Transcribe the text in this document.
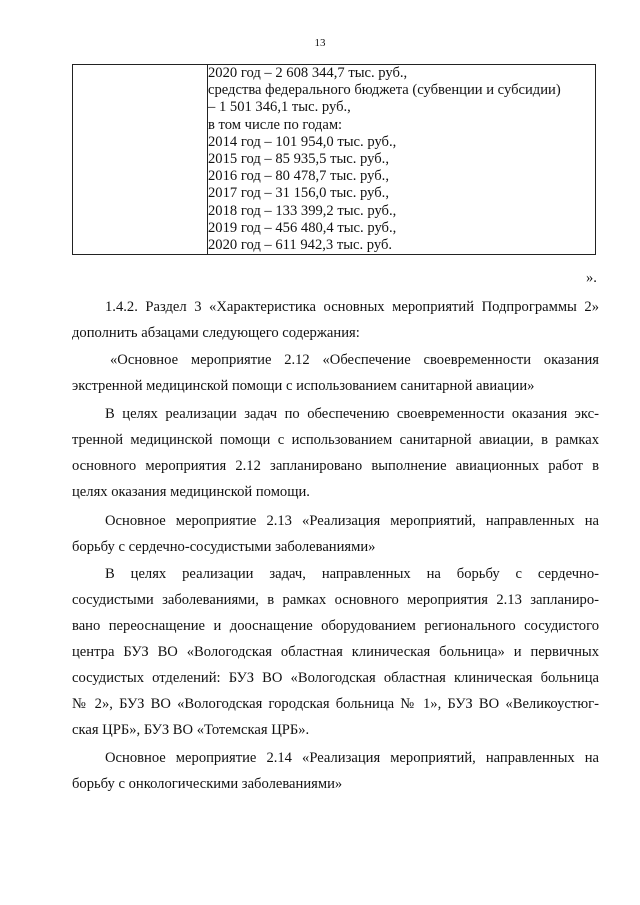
13

2020 год – 2 608 344,7 тыс. руб.,
средства федерального бюджета (субвенции и субсидии)
– 1 501 346,1 тыс. руб.,
в том числе по годам:
2014 год – 101 954,0 тыс. руб.,
2015 год – 85 935,5 тыс. руб.,
2016 год – 80 478,7 тыс. руб.,
2017 год – 31 156,0 тыс. руб.,
2018 год – 133 399,2 тыс. руб.,
2019 год – 456 480,4 тыс. руб.,
2020 год – 611 942,3 тыс. руб.
».
1.4.2. Раздел 3 «Характеристика основных мероприятий Подпрограммы 2»
дополнить абзацами следующего содержания:
«Основное мероприятие 2.12 «Обеспечение своевременности оказания
экстренной медицинской помощи с использованием санитарной авиации»
В целях реализации задач по обеспечению своевременности оказания экс-
тренной медицинской помощи с использованием санитарной авиации, в рамках
основного мероприятия 2.12 запланировано выполнение авиационных работ в
целях оказания медицинской помощи.
Основное мероприятие 2.13 «Реализация мероприятий, направленных на
борьбу с сердечно-сосудистыми заболеваниями»
В целях реализации задач, направленных на борьбу с сердечно-
сосудистыми заболеваниями, в рамках основного мероприятия 2.13 запланиро-
вано переоснащение и дооснащение оборудованием регионального сосудистого
центра БУЗ ВО «Вологодская областная клиническая больница» и первичных
сосудистых отделений: БУЗ ВО «Вологодская областная клиническая больница
№ 2», БУЗ ВО «Вологодская городская больница № 1», БУЗ ВО «Великоустюг-
ская ЦРБ», БУЗ ВО «Тотемская ЦРБ».
Основное мероприятие 2.14 «Реализация мероприятий, направленных на
борьбу с онкологическими заболеваниями»
